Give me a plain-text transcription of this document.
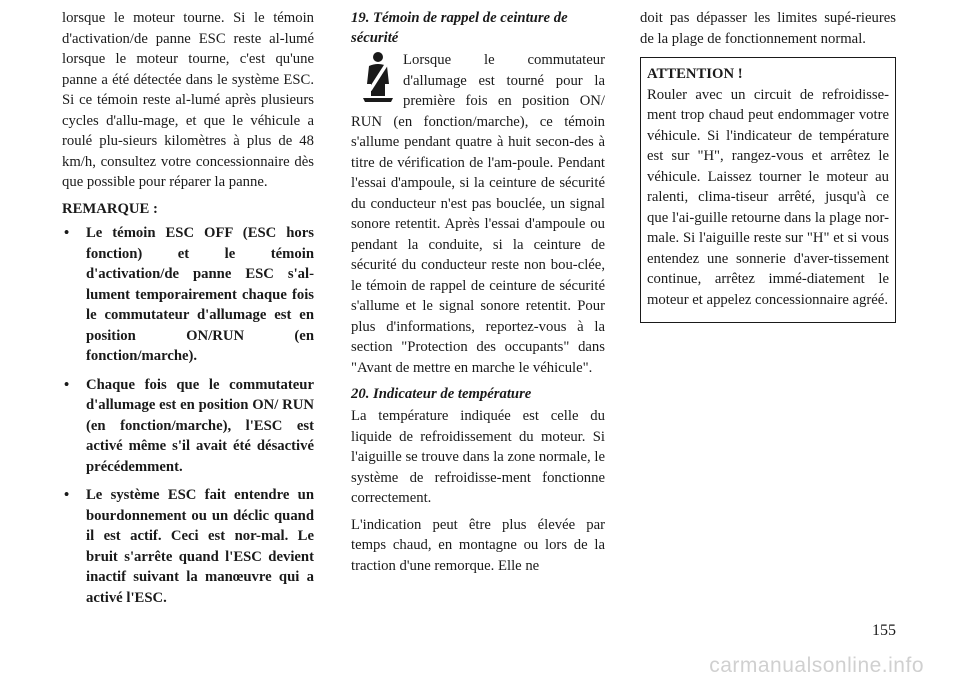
lorsque le moteur tourne. Si le témoin d'activation/de panne ESC reste al-lumé lorsque le moteur tourne, c'est qu'une panne a été détectée dans le système ESC. Si ce témoin reste al-lumé après plusieurs cycles d'allu-mage, et que le véhicule a roulé plu-sieurs kilomètres à plus de 48 km/h, consultez votre concessionnaire dès que possible pour réparer la panne.

REMARQUE :
• Le témoin ESC OFF (ESC hors fonction) et le témoin d'activation/de panne ESC s'al-lument temporairement chaque fois le commutateur d'allumage est en position ON/RUN (en fonction/marche).
• Chaque fois que le commutateur d'allumage est en position ON/ RUN (en fonction/marche), l'ESC est activé même s'il avait été désactivé précédemment.
• Le système ESC fait entendre un bourdonnement ou un déclic quand il est actif. Ceci est nor-mal. Le bruit s'arrête quand l'ESC devient inactif suivant la manœuvre qui a activé l'ESC.
19. Témoin de rappel de ceinture de sécurité

Lorsque le commutateur d'allumage est tourné pour la première fois en position ON/ RUN (en fonction/marche), ce témoin s'allume pendant quatre à huit secon-des à titre de vérification de l'am-poule. Pendant l'essai d'ampoule, si la ceinture de sécurité du conducteur n'est pas bouclée, un signal sonore retentit. Après l'essai d'ampoule ou pendant la conduite, si la ceinture de sécurité du conducteur reste non bou-clée, le témoin de rappel de ceinture de sécurité s'allume et le signal sonore retentit. Pour plus d'informations, reportez-vous à la section "Protection des occupants" dans "Avant de mettre en marche le véhicule".

20. Indicateur de température

La température indiquée est celle du liquide de refroidissement du moteur. Si l'aiguille se trouve dans la zone normale, le système de refroidisse-ment fonctionne correctement.

L'indication peut être plus élevée par temps chaud, en montagne ou lors de la traction d'une remorque. Elle ne

doit pas dépasser les limites supé-rieures de la plage de fonctionnement normal.

ATTENTION !

Rouler avec un circuit de refroidisse-ment trop chaud peut endommager votre véhicule. Si l'indicateur de température est sur "H", rangez-vous et arrêtez le véhicule. Laissez tourner le moteur au ralenti, clima-tiseur arrêté, jusqu'à ce que l'ai-guille retourne dans la plage nor-male. Si l'aiguille reste sur "H" et si vous entendez une sonnerie d'aver-tissement continue, arrêtez immé-diatement le moteur et appelez concessionnaire agréé.

155
carmanualsonline.info
